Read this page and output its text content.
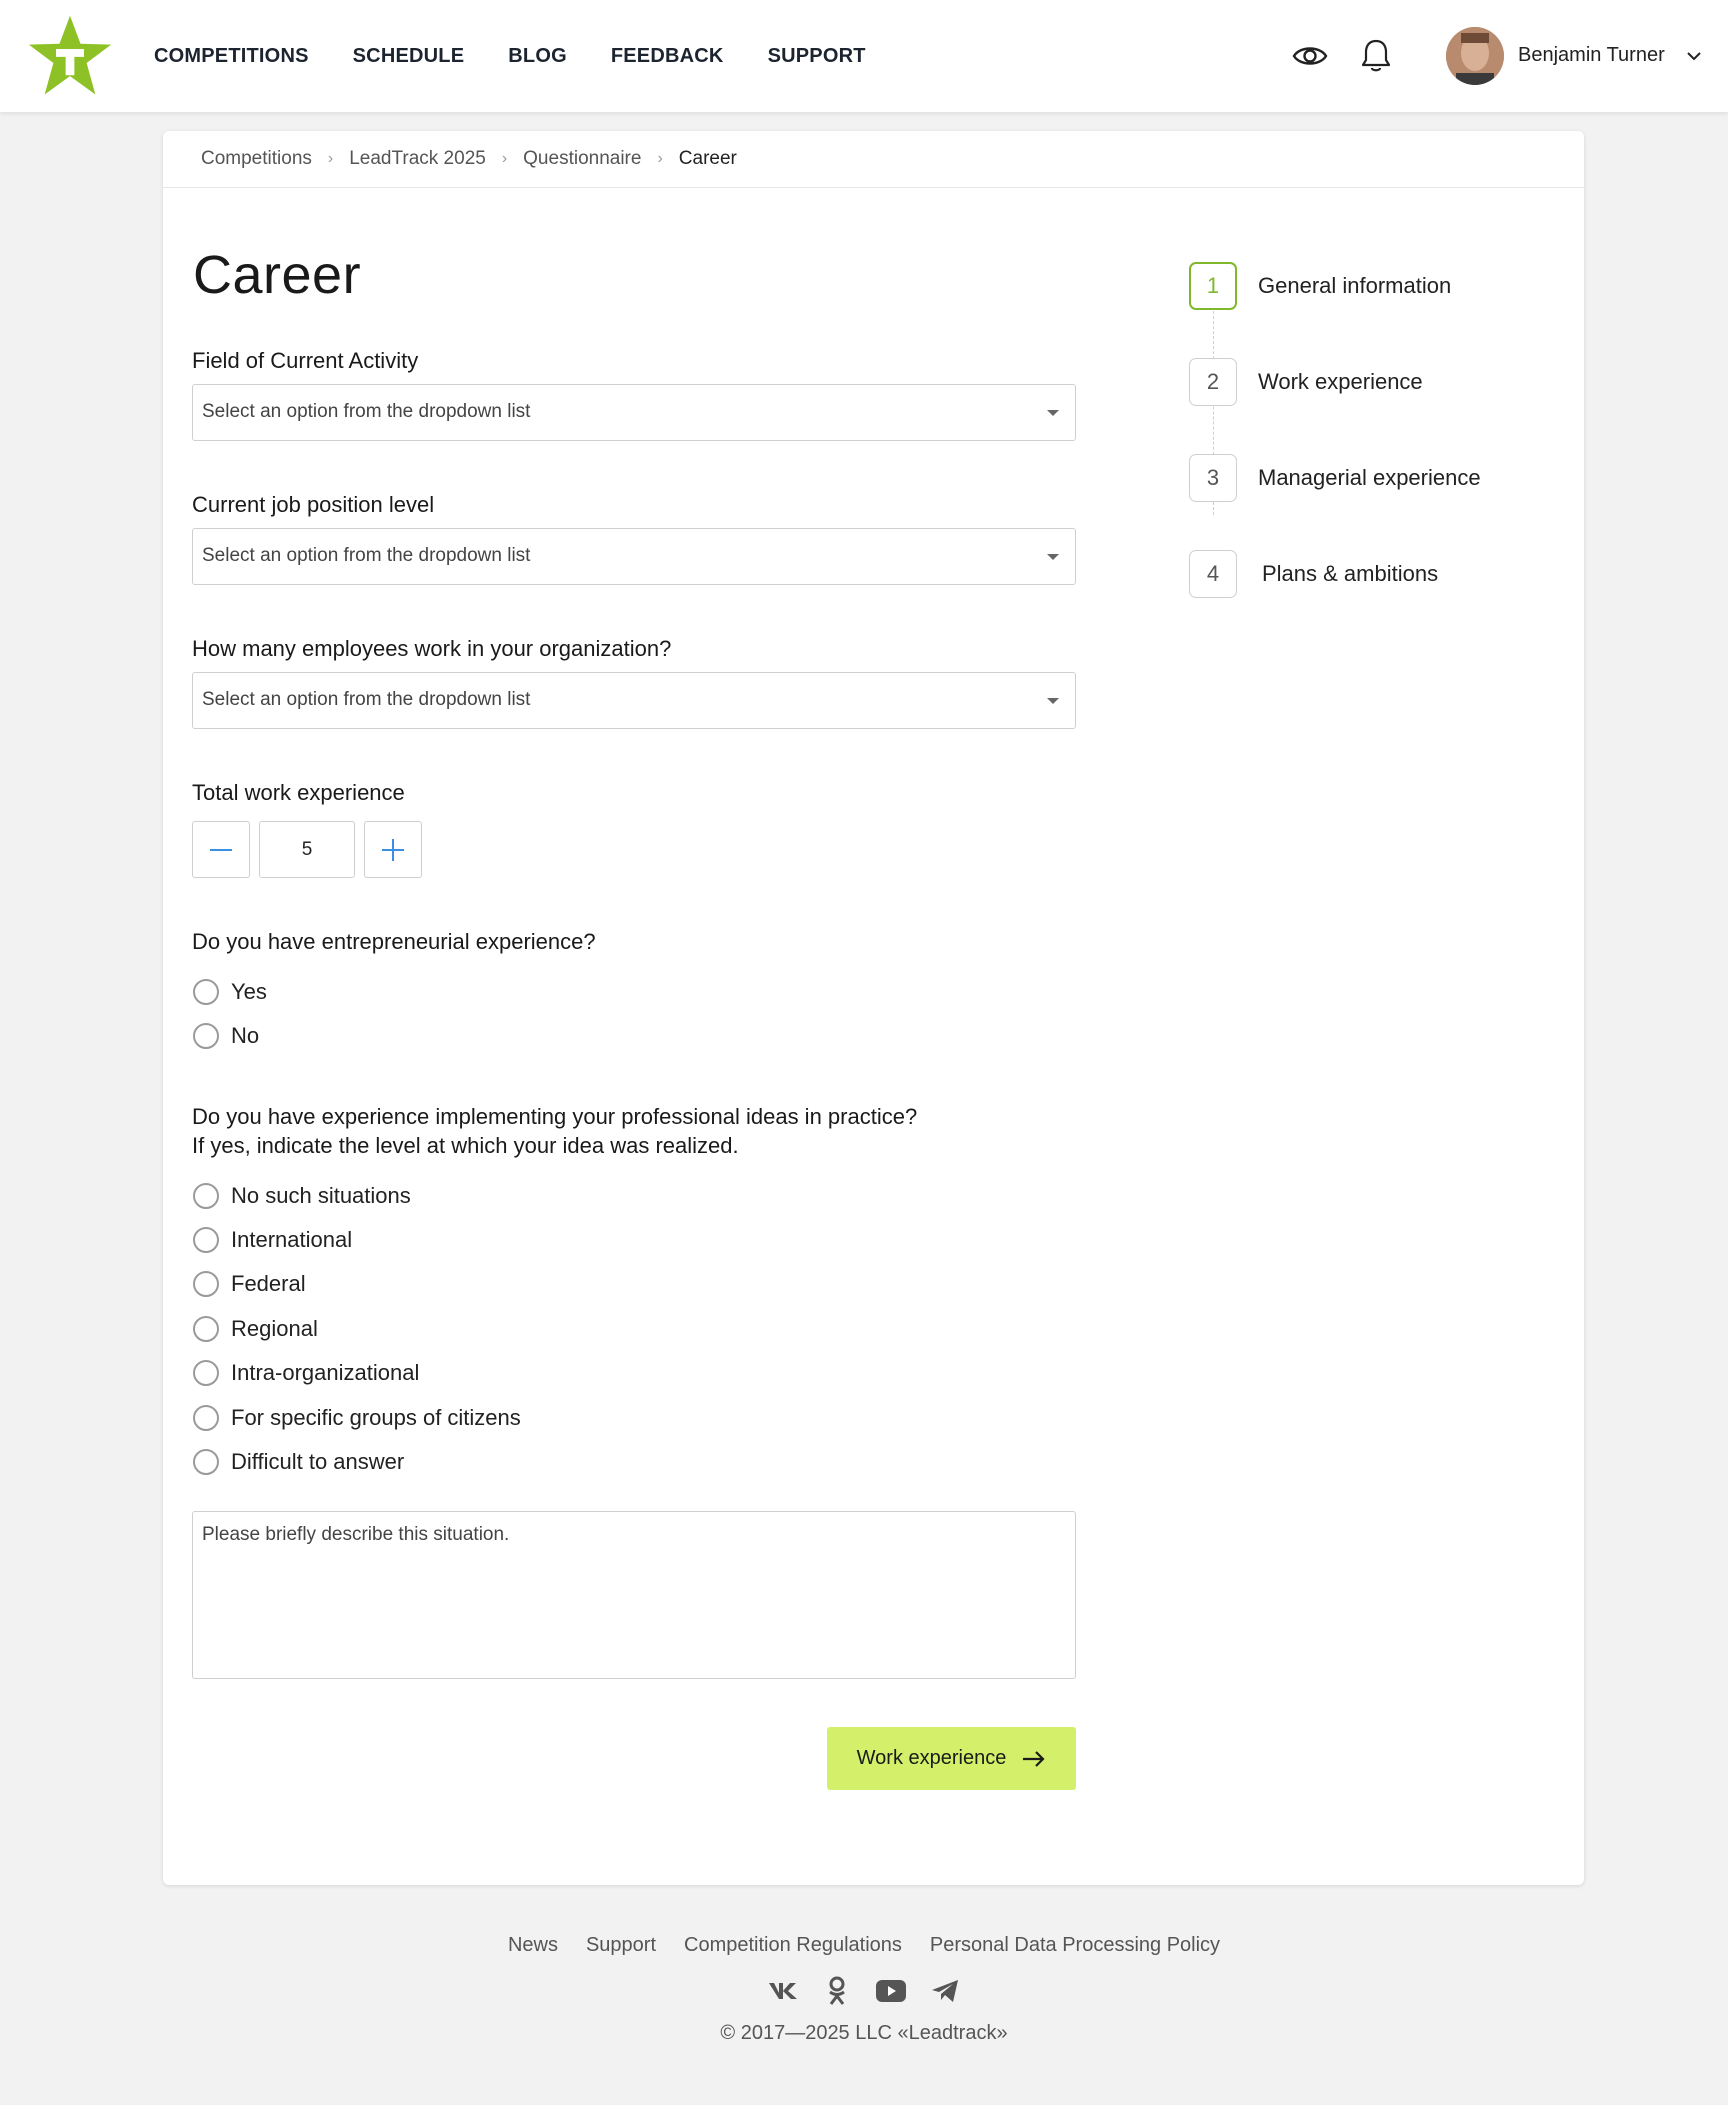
COMPETITIONS SCHEDULE BLOG FEEDBACK SUPPORT	Benjamin Turner
Competitions › LeadTrack 2025 › Questionnaire › Career
Career
Field of Current Activity
Select an option from the dropdown list
Current job position level
Select an option from the dropdown list
How many employees work in your organization?
Select an option from the dropdown list
Total work experience
5
Do you have entrepreneurial experience?
Yes
No
Do you have experience implementing your professional ideas in practice?
If yes, indicate the level at which your idea was realized.
No such situations
International
Federal
Regional
Intra-organizational
For specific groups of citizens
Difficult to answer
Please briefly describe this situation.
Work experience
1	General information
2	Work experience
3	Managerial experience
4	Plans & ambitions
News Support Competition Regulations Personal Data Processing Policy
© 2017—2025 LLC «Leadtrack»
